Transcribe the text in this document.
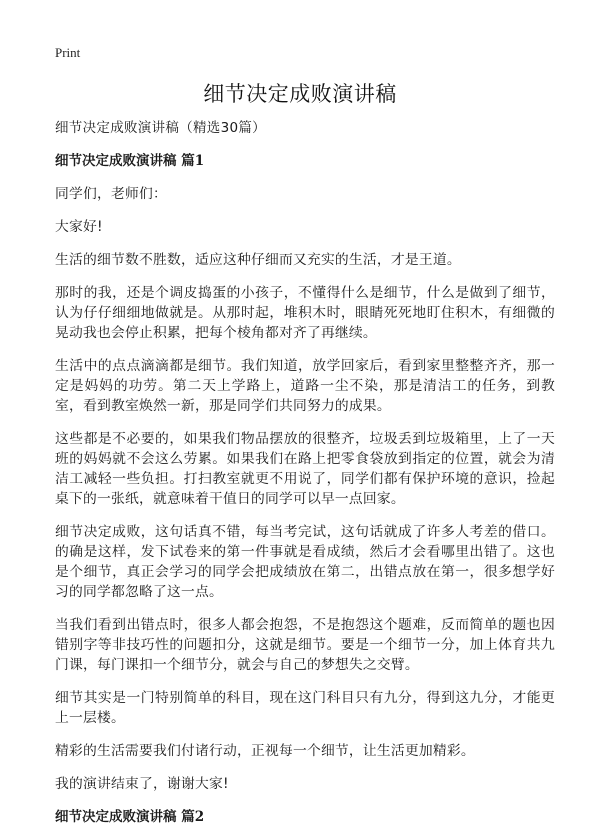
Print
细节决定成败演讲稿
细节决定成败演讲稿（精选30篇）
细节决定成败演讲稿 篇1

同学们，老师们：

大家好!

生活的细节数不胜数，适应这种仔细而又充实的生活，才是王道。

那时的我，还是个调皮捣蛋的小孩子，不懂得什么是细节，什么是做到了细节，认为仔仔细细地做就是。从那时起，堆积木时，眼睛死死地盯住积木，有细微的晃动我也会停止积累，把每个棱角都对齐了再继续。

生活中的点点滴滴都是细节。我们知道，放学回家后，看到家里整整齐齐，那一定是妈妈的功劳。第二天上学路上，道路一尘不染，那是清洁工的任务，到教室，看到教室焕然一新，那是同学们共同努力的成果。

这些都是不必要的，如果我们物品摆放的很整齐，垃圾丢到垃圾箱里，上了一天班的妈妈就不会这么劳累。如果我们在路上把零食袋放到指定的位置，就会为清洁工减轻一些负担。打扫教室就更不用说了，同学们都有保护环境的意识，捡起桌下的一张纸，就意味着干值日的同学可以早一点回家。

细节决定成败，这句话真不错，每当考完试，这句话就成了许多人考差的借口。的确是这样，发下试卷来的第一件事就是看成绩，然后才会看哪里出错了。这也是个细节，真正会学习的同学会把成绩放在第二，出错点放在第一，很多想学好习的同学都忽略了这一点。

当我们看到出错点时，很多人都会抱怨，不是抱怨这个题难，反而简单的题也因错别字等非技巧性的问题扣分，这就是细节。要是一个细节一分，加上体育共九门课，每门课扣一个细节分，就会与自己的梦想失之交臂。

细节其实是一门特别简单的科目，现在这门科目只有九分，得到这九分，才能更上一层楼。

精彩的生活需要我们付诸行动，正视每一个细节，让生活更加精彩。

我的演讲结束了，谢谢大家!

细节决定成败演讲稿 篇2
